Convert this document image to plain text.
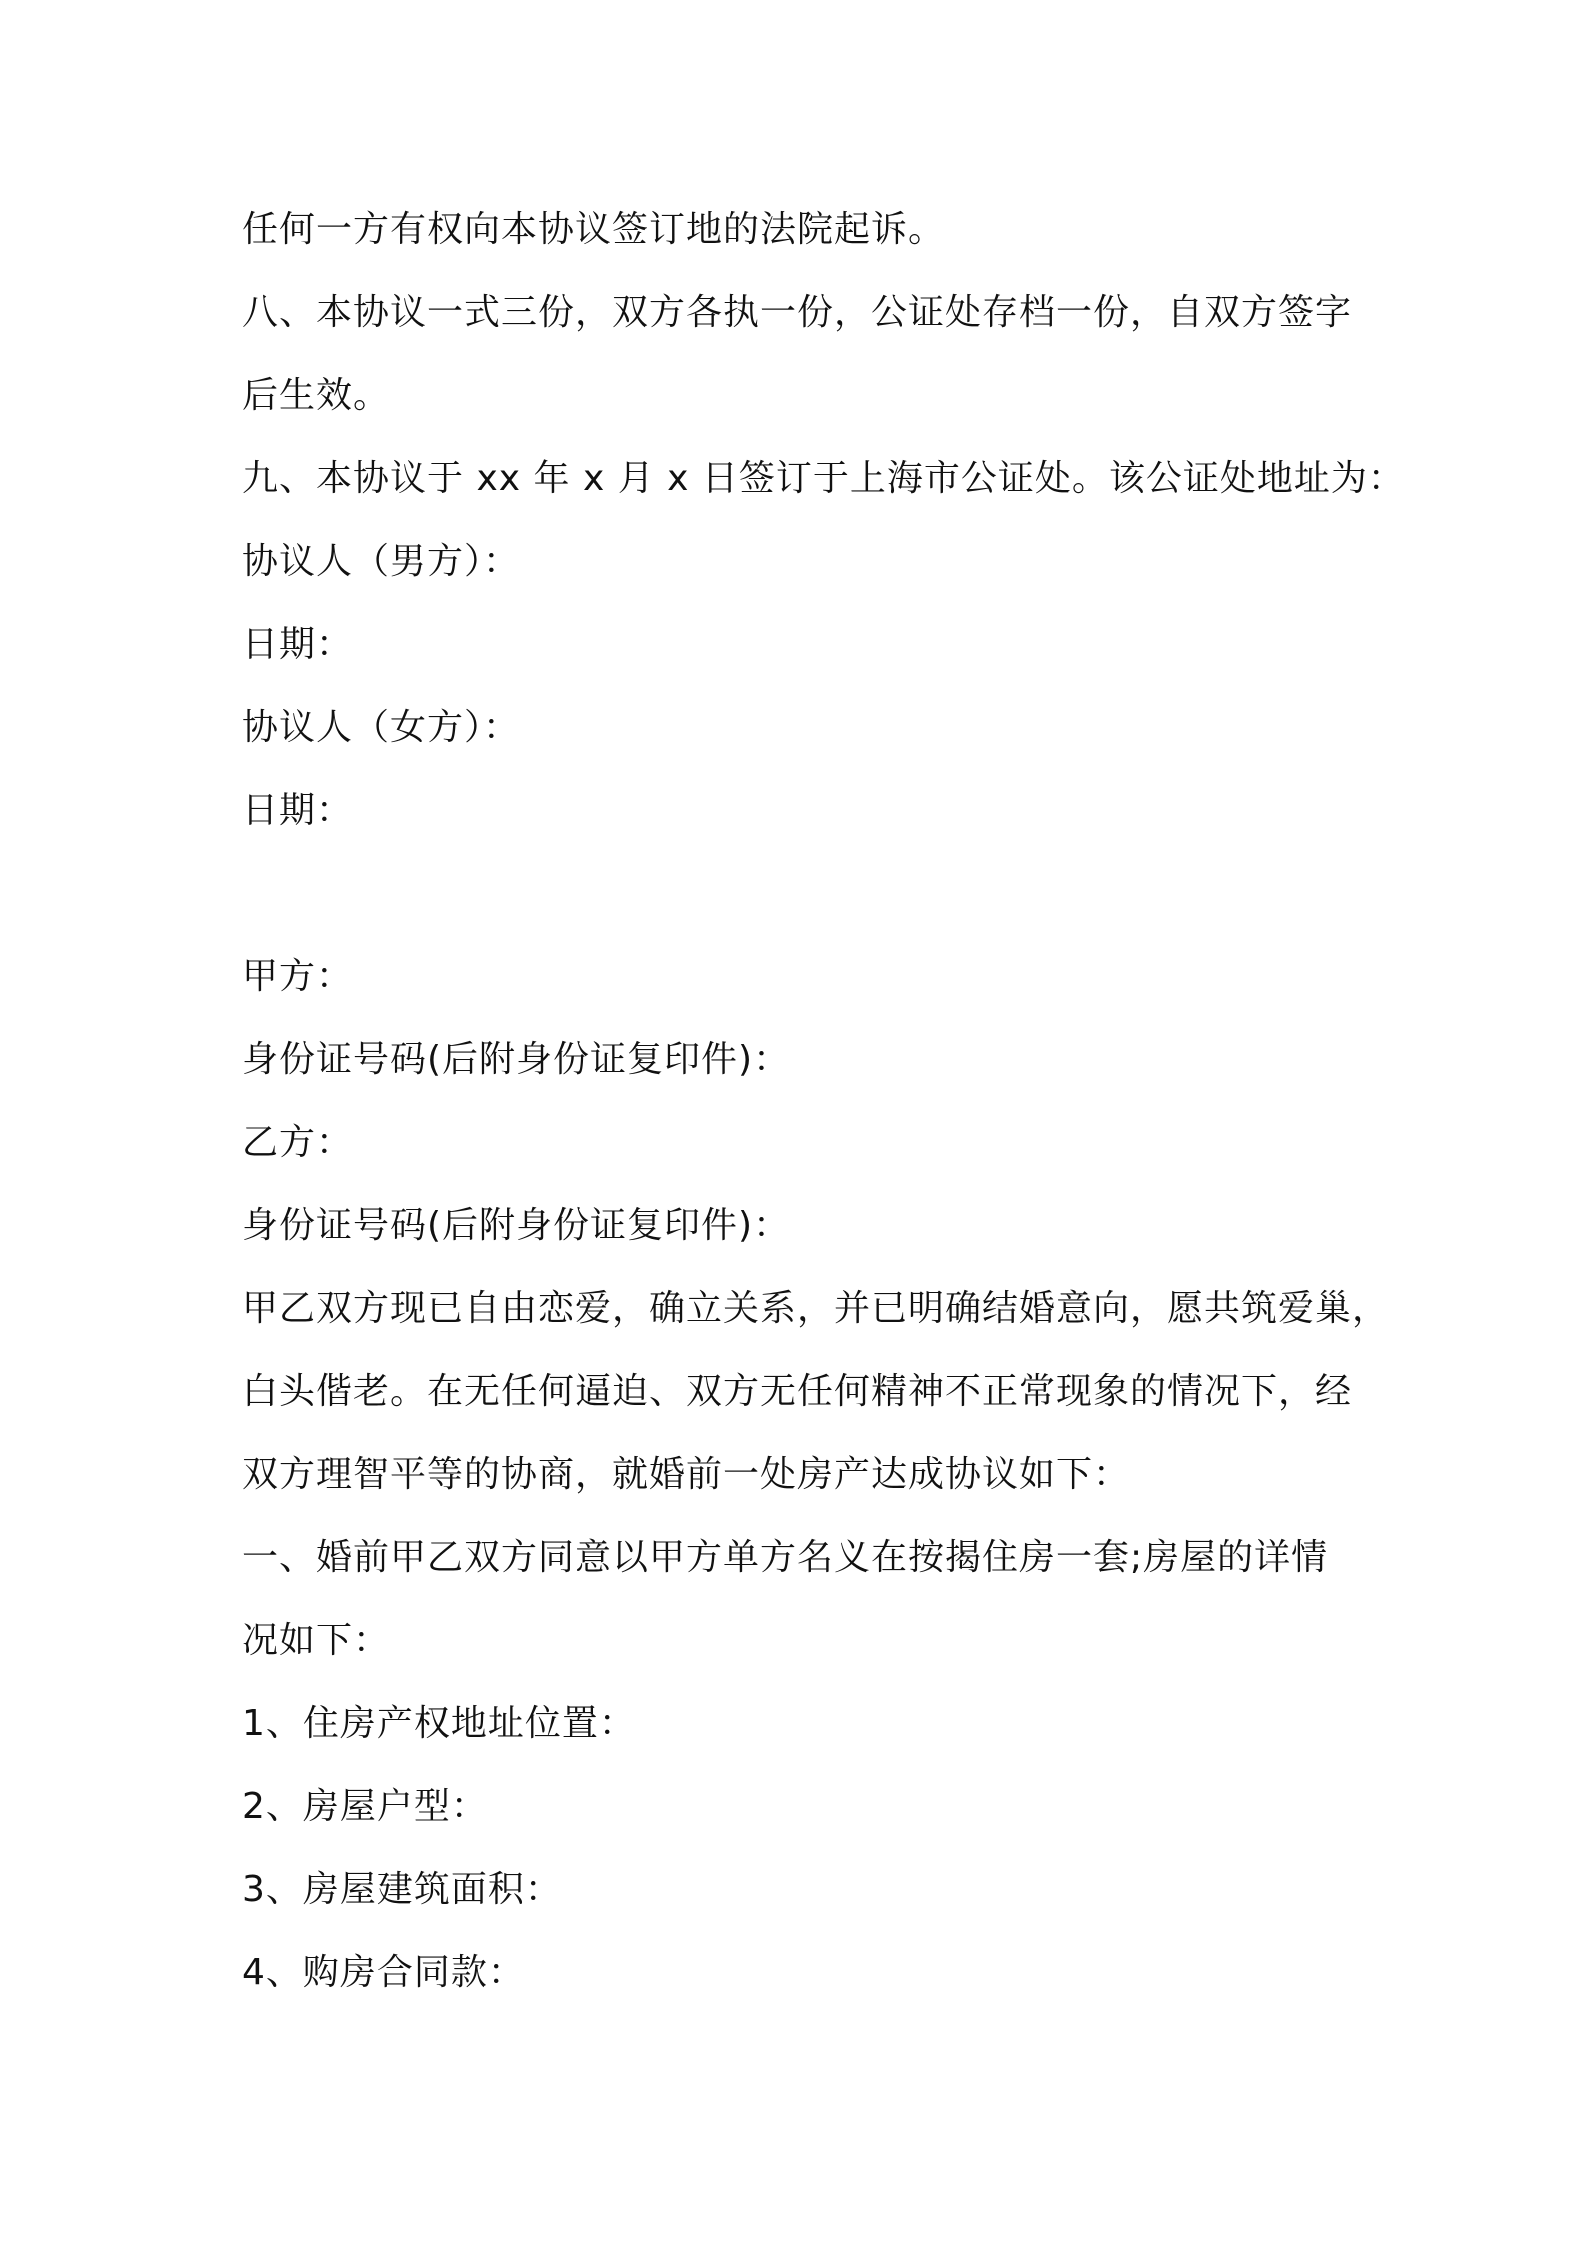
任何一方有权向本协议签订地的法院起诉。
八、本协议一式三份，双方各执一份，公证处存档一份，自双方签字
后生效。
九、本协议于 xx 年 x 月 x 日签订于上海市公证处。该公证处地址为：
协议人（男方）：
日期：
协议人（女方）：
日期：
甲方：
身份证号码(后附身份证复印件)：
乙方：
身份证号码(后附身份证复印件)：
甲乙双方现已自由恋爱，确立关系，并已明确结婚意向，愿共筑爱巢，
白头偕老。在无任何逼迫、双方无任何精神不正常现象的情况下，经
双方理智平等的协商，就婚前一处房产达成协议如下：
一、婚前甲乙双方同意以甲方单方名义在按揭住房一套;房屋的详情
况如下：
1、住房产权地址位置：
2、房屋户型：
3、房屋建筑面积：
4、购房合同款：
